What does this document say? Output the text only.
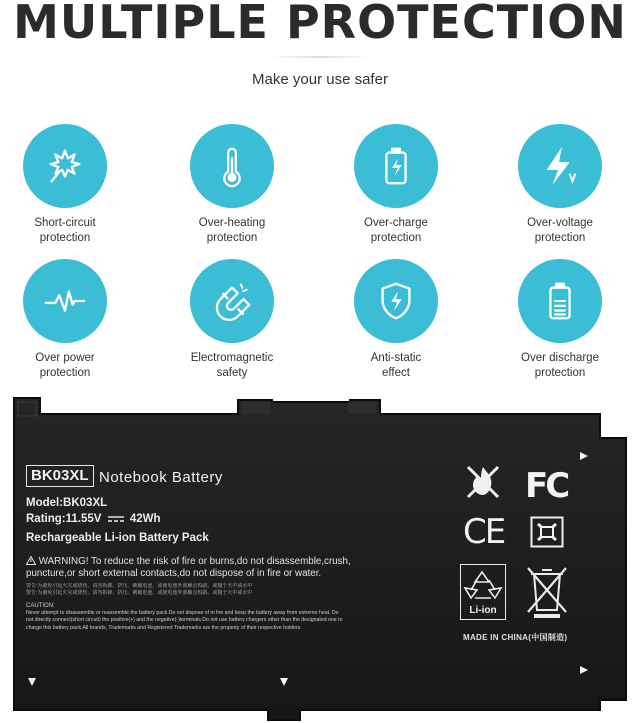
MULTIPLE PROTECTION
Make your use safer
Short-circuit
protection
Over-heating
protection
Over-charge
protection
Over-voltage
protection
Over power
protection
Electromagnetic
safety
Anti-static
effect
Over discharge
protection
BK03XL Notebook Battery
Model:BK03XL
Rating:11.55V 42Wh
Rechargeable Li-ion Battery Pack
WARNING! To reduce the risk of fire or burns,do not disassemble,crush, puncture,or short external contacts,do not dispose of in fire or water.
警告:为避免引起火灾或烧伤，请勿拆卸、挤压、刺破电池，或使电池外部触点短路，或抛于火中或水中
警告:为避免引起火灾或烧伤，请勿拆卸、挤压、刺破电池，或使电池外部触点短路，或抛于火中或水中
CAUTION:
Never attempt to disassemble or reassemble the battery pack.Do not dispose of in fire and keep the battery away from extreme heat. Do not directly connect(short circuit) the positive(+) and the negative(-)terminals.Do not use battery chargers other than the designated one to charge this battery pack.All brands, Trademarks and Registered Trademarks are the property of their respective holders.
FC
CE
Li-ion
MADE IN CHINA(中国制造)
